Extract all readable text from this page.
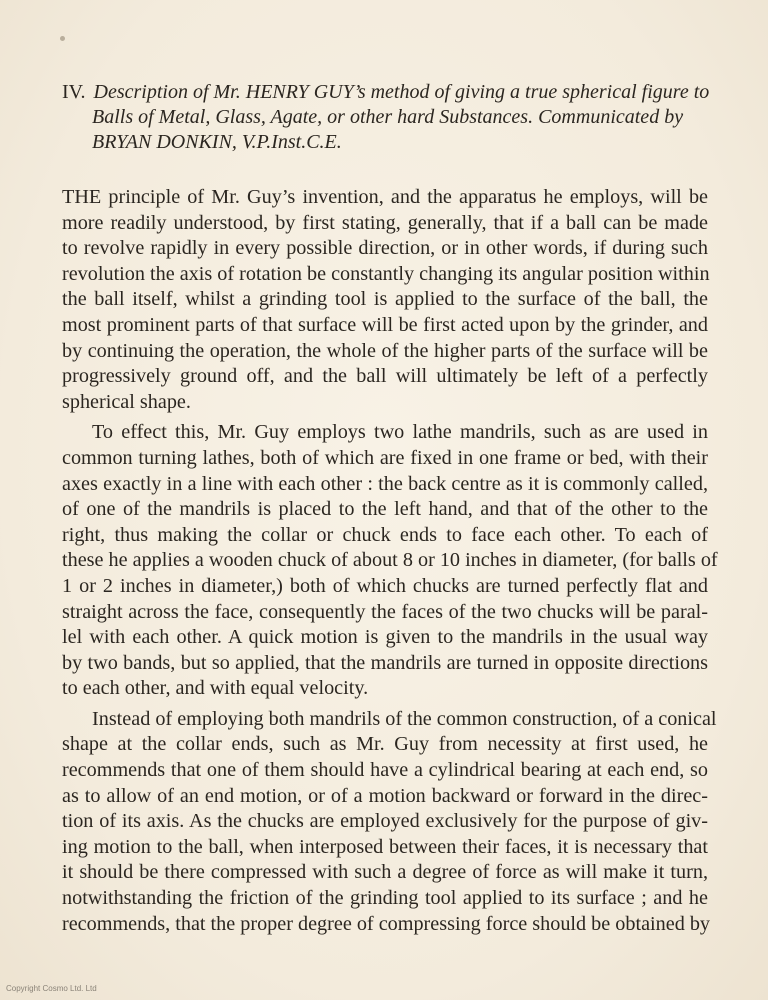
IV. Description of Mr. HENRY GUY’s method of giving a true spherical figure to
Balls of Metal, Glass, Agate, or other hard Substances. Communicated by
BRYAN DONKIN, V.P.Inst.C.E.
THE principle of Mr. Guy’s invention, and the apparatus he employs, will be
more readily understood, by first stating, generally, that if a ball can be made
to revolve rapidly in every possible direction, or in other words, if during such
revolution the axis of rotation be constantly changing its angular position within
the ball itself, whilst a grinding tool is applied to the surface of the ball, the
most prominent parts of that surface will be first acted upon by the grinder, and
by continuing the operation, the whole of the higher parts of the surface will be
progressively ground off, and the ball will ultimately be left of a perfectly
spherical shape.
To effect this, Mr. Guy employs two lathe mandrils, such as are used in
common turning lathes, both of which are fixed in one frame or bed, with their
axes exactly in a line with each other : the back centre as it is commonly called,
of one of the mandrils is placed to the left hand, and that of the other to the
right, thus making the collar or chuck ends to face each other. To each of
these he applies a wooden chuck of about 8 or 10 inches in diameter, (for balls of
1 or 2 inches in diameter,) both of which chucks are turned perfectly flat and
straight across the face, consequently the faces of the two chucks will be paral-
lel with each other. A quick motion is given to the mandrils in the usual way
by two bands, but so applied, that the mandrils are turned in opposite directions
to each other, and with equal velocity.
Instead of employing both mandrils of the common construction, of a conical
shape at the collar ends, such as Mr. Guy from necessity at first used, he
recommends that one of them should have a cylindrical bearing at each end, so
as to allow of an end motion, or of a motion backward or forward in the direc-
tion of its axis. As the chucks are employed exclusively for the purpose of giv-
ing motion to the ball, when interposed between their faces, it is necessary that
it should be there compressed with such a degree of force as will make it turn,
notwithstanding the friction of the grinding tool applied to its surface ; and he
recommends, that the proper degree of compressing force should be obtained by
Copyright Cosmo Ltd. Ltd
